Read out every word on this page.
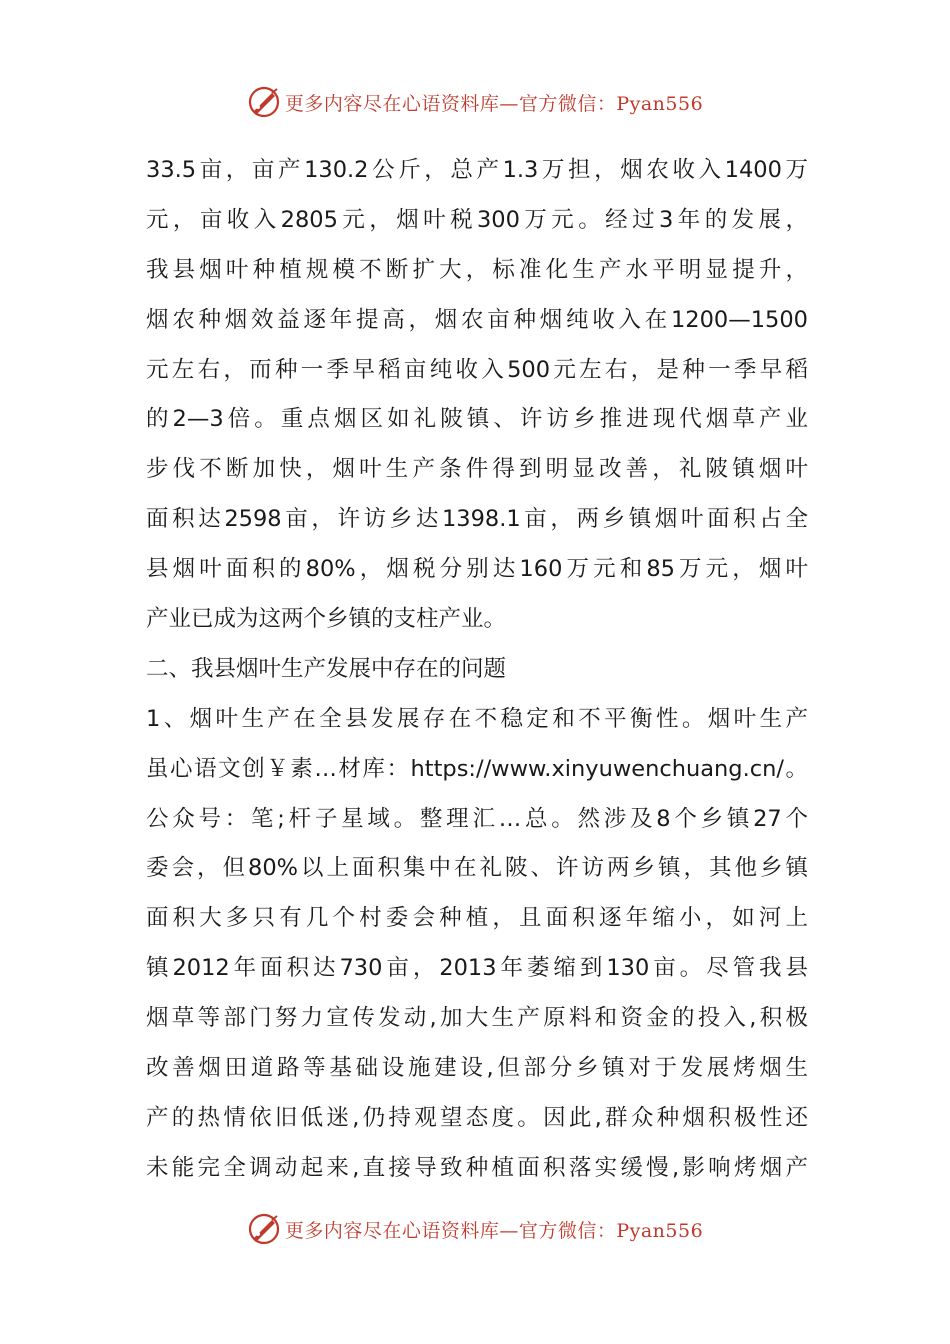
更多内容尽在心语资料库—官方微信：Pyan556
33.5亩，亩产130.2公斤，总产1.3万担，烟农收入1400万
元，亩收入2805元，烟叶税300万元。经过3年的发展，
我县烟叶种植规模不断扩大，标准化生产水平明显提升，
烟农种烟效益逐年提高，烟农亩种烟纯收入在1200—1500
元左右，而种一季早稻亩纯收入500元左右，是种一季早稻
的2—3倍。重点烟区如礼陂镇、许访乡推进现代烟草产业
步伐不断加快，烟叶生产条件得到明显改善，礼陂镇烟叶
面积达2598亩，许访乡达1398.1亩，两乡镇烟叶面积占全
县烟叶面积的80%，烟税分别达160万元和85万元，烟叶
产业已成为这两个乡镇的支柱产业。
二、我县烟叶生产发展中存在的问题
1、烟叶生产在全县发展存在不稳定和不平衡性。烟叶生产
虽心语文创￥素…材库：https://www.xinyuwenchuang.cn/。
公众号：笔;杆子星域。整理汇…总。然涉及8个乡镇27个
委会，但80%以上面积集中在礼陂、许访两乡镇，其他乡镇
面积大多只有几个村委会种植，且面积逐年缩小，如河上
镇2012年面积达730亩，2013年萎缩到130亩。尽管我县
烟草等部门努力宣传发动,加大生产原料和资金的投入,积极
改善烟田道路等基础设施建设,但部分乡镇对于发展烤烟生
产的热情依旧低迷,仍持观望态度。因此,群众种烟积极性还
未能完全调动起来,直接导致种植面积落实缓慢,影响烤烟产
更多内容尽在心语资料库—官方微信：Pyan556
